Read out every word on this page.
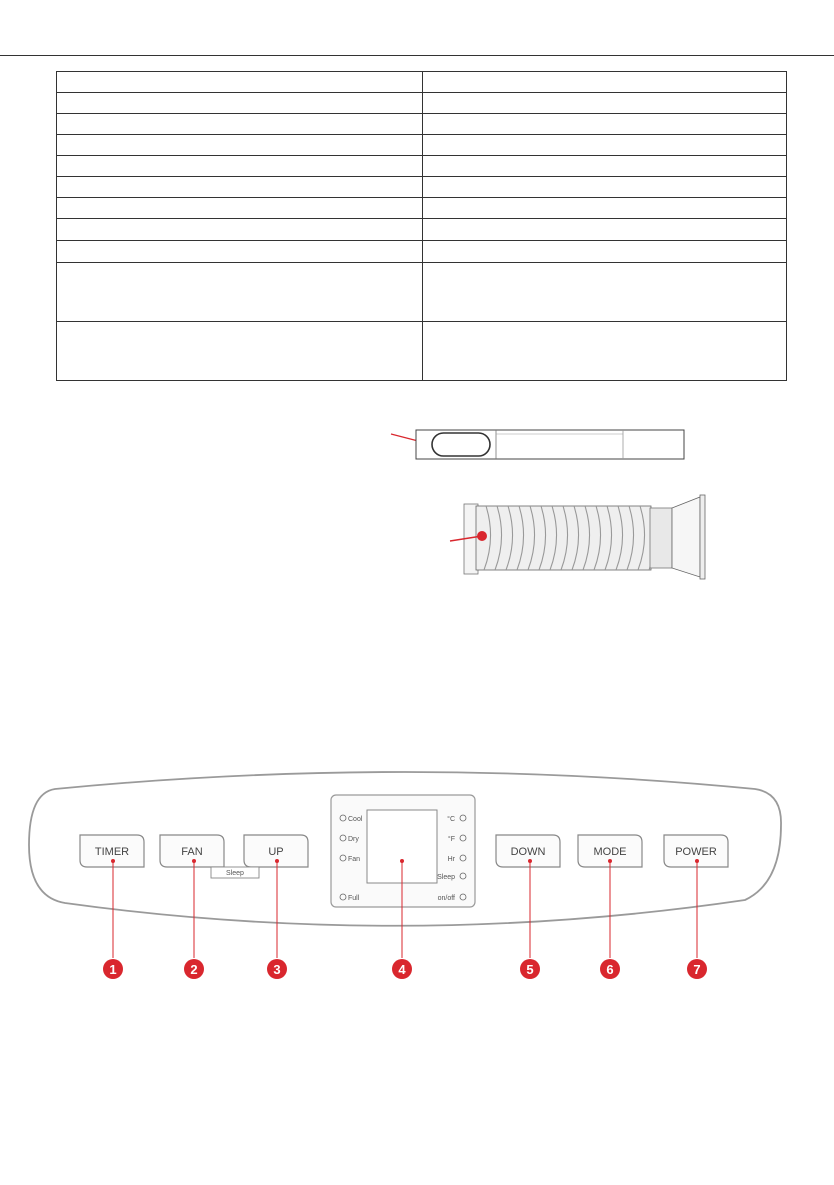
TIMER	FAN	UP
Sleep
Cool
Dry
Fan
Full
°C
°F
Hr
Sleep
on/off
DOWN	MODE	POWER
1	2	3	4	5	6	7
